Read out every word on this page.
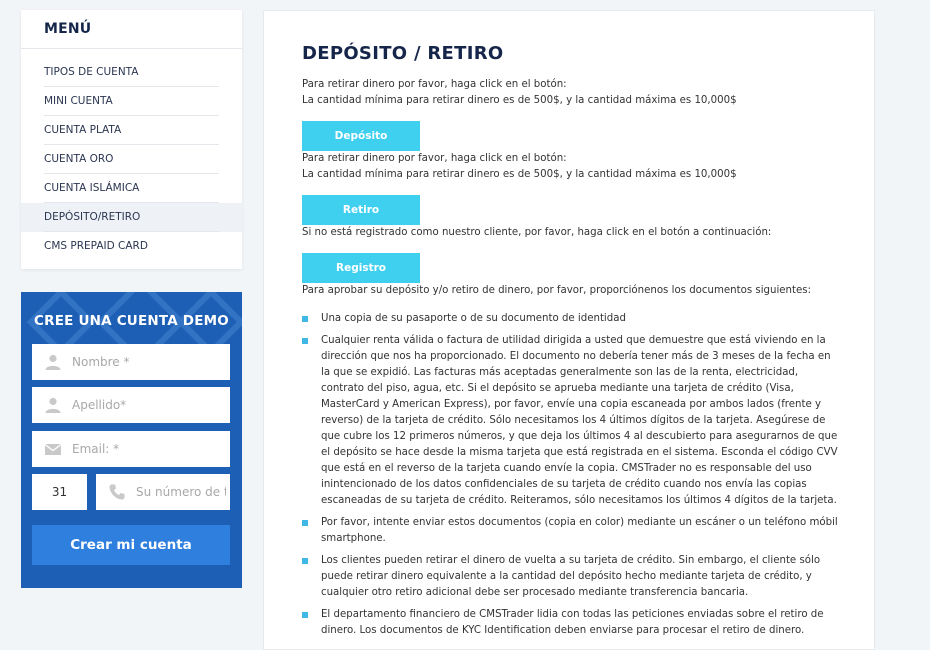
MENÚ
TIPOS DE CUENTA
MINI CUENTA
CUENTA PLATA
CUENTA ORO
CUENTA ISLÁMICA
DEPÓSITO/RETIRO
CMS PREPAID CARD
CREE UNA CUENTA DEMO
Nombre *
Apellido*
Email: *
31
Su número de teléfono
Crear mi cuenta
DEPÓSITO / RETIRO

Para retirar dinero por favor, haga click en el botón:

La cantidad mínima para retirar dinero es de 500$, y la cantidad máxima es 10,000$

Depósito

Para retirar dinero por favor, haga click en el botón:

La cantidad mínima para retirar dinero es de 500$, y la cantidad máxima es 10,000$

Retiro

Si no está registrado como nuestro cliente, por favor, haga click en el botón a continuación:

Registro

Para aprobar su depósito y/o retiro de dinero, por favor, proporciónenos los documentos siguientes:

Una copia de su pasaporte o de su documento de identidad
Cualquier renta válida o factura de utilidad dirigida a usted que demuestre que está viviendo en la dirección que nos ha proporcionado. El documento no debería tener más de 3 meses de la fecha en la que se expidió. Las facturas más aceptadas generalmente son las de la renta, electricidad, contrato del piso, agua, etc. Si el depósito se aprueba mediante una tarjeta de crédito (Visa, MasterCard y American Express), por favor, envíe una copia escaneada por ambos lados (frente y reverso) de la tarjeta de crédito. Sólo necesitamos los 4 últimos dígitos de la tarjeta. Asegúrese de que cubre los 12 primeros números, y que deja los últimos 4 al descubierto para asegurarnos de que el depósito se hace desde la misma tarjeta que está registrada en el sistema. Esconda el código CVV que está en el reverso de la tarjeta cuando envíe la copia. CMSTrader no es responsable del uso inintencionado de los datos confidenciales de su tarjeta de crédito cuando nos envía las copias escaneadas de su tarjeta de crédito. Reiteramos, sólo necesitamos los últimos 4 dígitos de la tarjeta.
Por favor, intente enviar estos documentos (copia en color) mediante un escáner o un teléfono móbil smartphone.
Los clientes pueden retirar el dinero de vuelta a su tarjeta de crédito. Sin embargo, el cliente sólo puede retirar dinero equivalente a la cantidad del depósito hecho mediante tarjeta de crédito, y cualquier otro retiro adicional debe ser procesado mediante transferencia bancaria.
El departamento financiero de CMSTrader lidia con todas las peticiones enviadas sobre el retiro de dinero. Los documentos de KYC Identification deben enviarse para procesar el retiro de dinero.
